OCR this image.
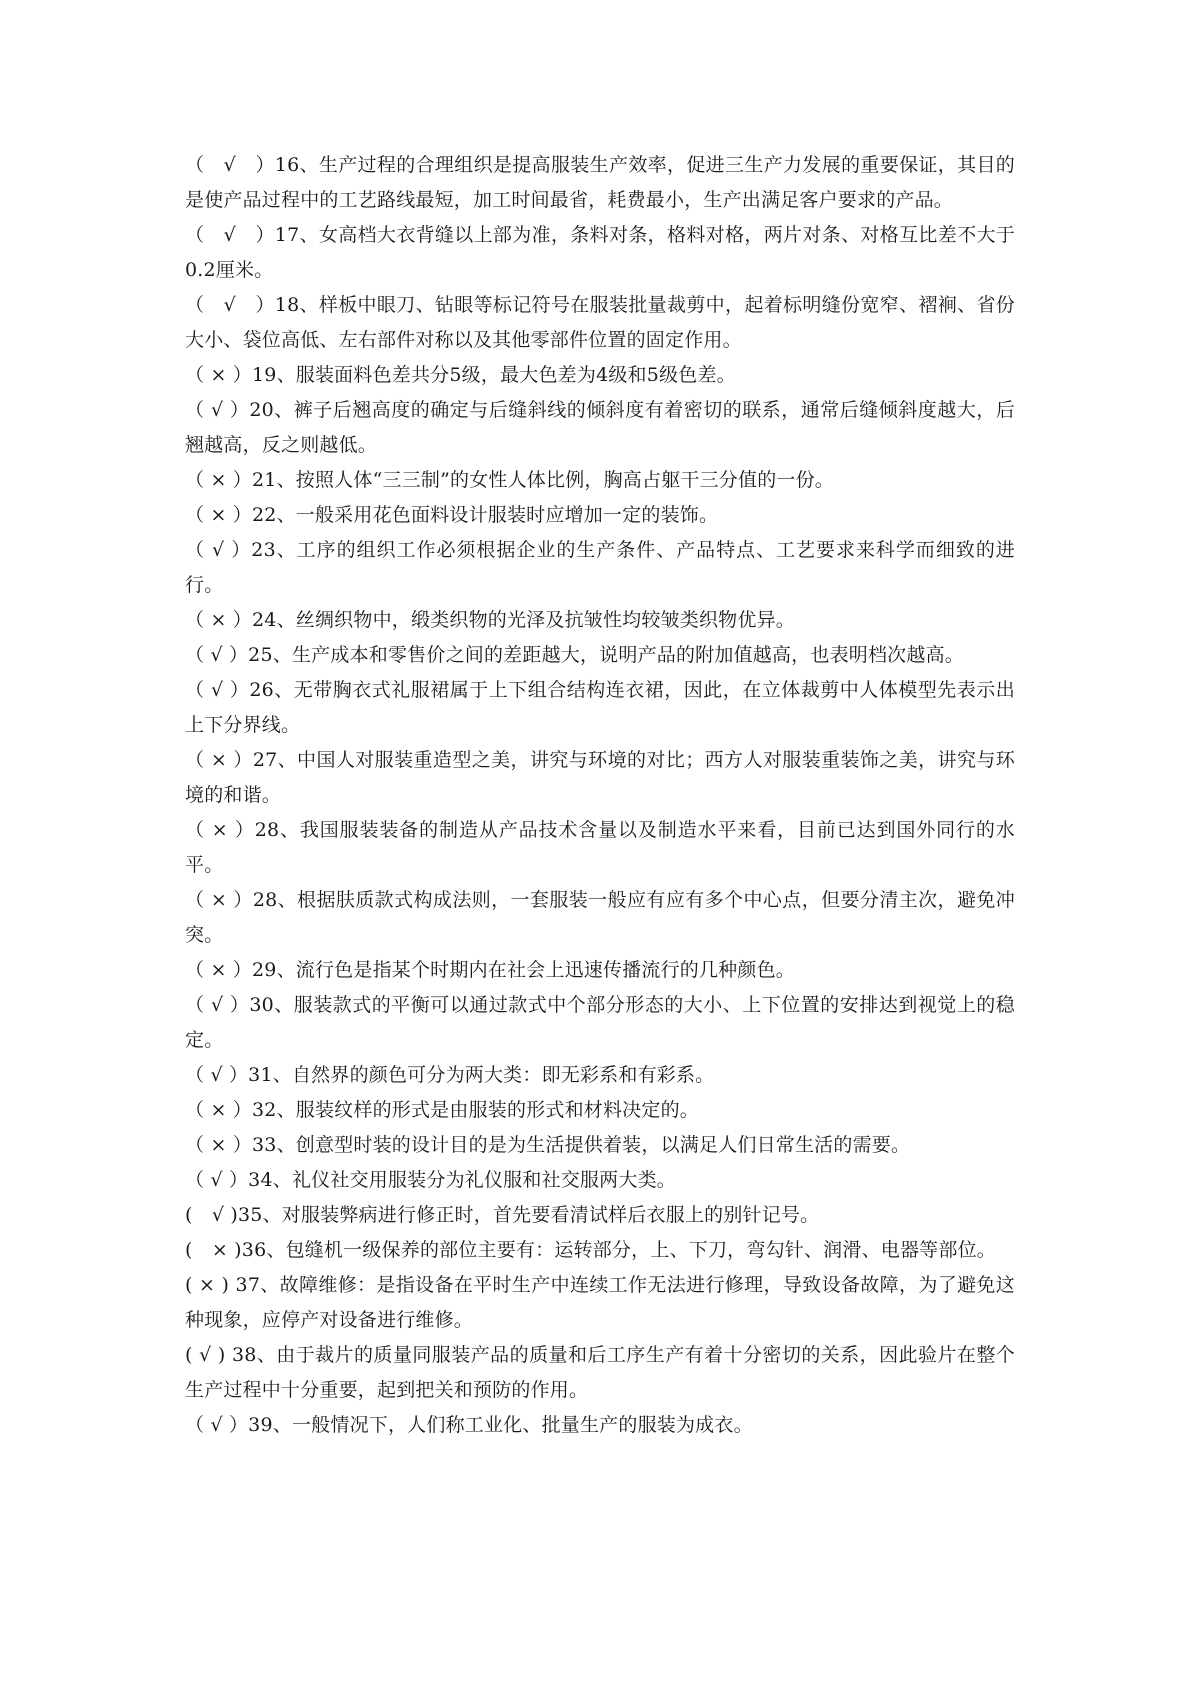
（　√　）16、生产过程的合理组织是提高服装生产效率，促进三生产力发展的重要保证，其目的是使产品过程中的工艺路线最短，加工时间最省，耗费最小，生产出满足客户要求的产品。

（　√　）17、女高档大衣背缝以上部为准，条料对条，格料对格，两片对条、对格互比差不大于0.2厘米。

（　√　）18、样板中眼刀、钻眼等标记符号在服装批量裁剪中，起着标明缝份宽窄、褶裥、省份大小、袋位高低、左右部件对称以及其他零部件位置的固定作用。

（ × ）19、服装面料色差共分5级，最大色差为4级和5级色差。

（ √ ）20、裤子后翘高度的确定与后缝斜线的倾斜度有着密切的联系，通常后缝倾斜度越大，后翘越高，反之则越低。

（ × ）21、按照人体“三三制”的女性人体比例，胸高占躯干三分值的一份。

（ × ）22、一般采用花色面料设计服装时应增加一定的装饰。

（ √ ）23、工序的组织工作必须根据企业的生产条件、产品特点、工艺要求来科学而细致的进行。

（ × ）24、丝绸织物中，缎类织物的光泽及抗皱性均较皱类织物优异。

（ √ ）25、生产成本和零售价之间的差距越大，说明产品的附加值越高，也表明档次越高。

（ √ ）26、无带胸衣式礼服裙属于上下组合结构连衣裙，因此，在立体裁剪中人体模型先表示出上下分界线。

（ × ）27、中国人对服装重造型之美，讲究与环境的对比；西方人对服装重装饰之美，讲究与环境的和谐。

（ × ）28、我国服装装备的制造从产品技术含量以及制造水平来看，目前已达到国外同行的水平。

（ × ）28、根据肤质款式构成法则，一套服装一般应有应有多个中心点，但要分清主次，避免冲突。

（ × ）29、流行色是指某个时期内在社会上迅速传播流行的几种颜色。

（ √ ）30、服装款式的平衡可以通过款式中个部分形态的大小、上下位置的安排达到视觉上的稳定。

（ √ ）31、自然界的颜色可分为两大类：即无彩系和有彩系。

（ × ）32、服装纹样的形式是由服装的形式和材料决定的。

（ × ）33、创意型时装的设计目的是为生活提供着装，以满足人们日常生活的需要。

（ √ ）34、礼仪社交用服装分为礼仪服和社交服两大类。

(　√ )35、对服装弊病进行修正时，首先要看清试样后衣服上的别针记号。

(　× )36、包缝机一级保养的部位主要有：运转部分，上、下刀，弯勾针、润滑、电器等部位。

( × ) 37、故障维修：是指设备在平时生产中连续工作无法进行修理，导致设备故障，为了避免这种现象，应停产对设备进行维修。

( √ ) 38、由于裁片的质量同服装产品的质量和后工序生产有着十分密切的关系，因此验片在整个生产过程中十分重要，起到把关和预防的作用。

（ √ ）39、一般情况下，人们称工业化、批量生产的服装为成衣。
